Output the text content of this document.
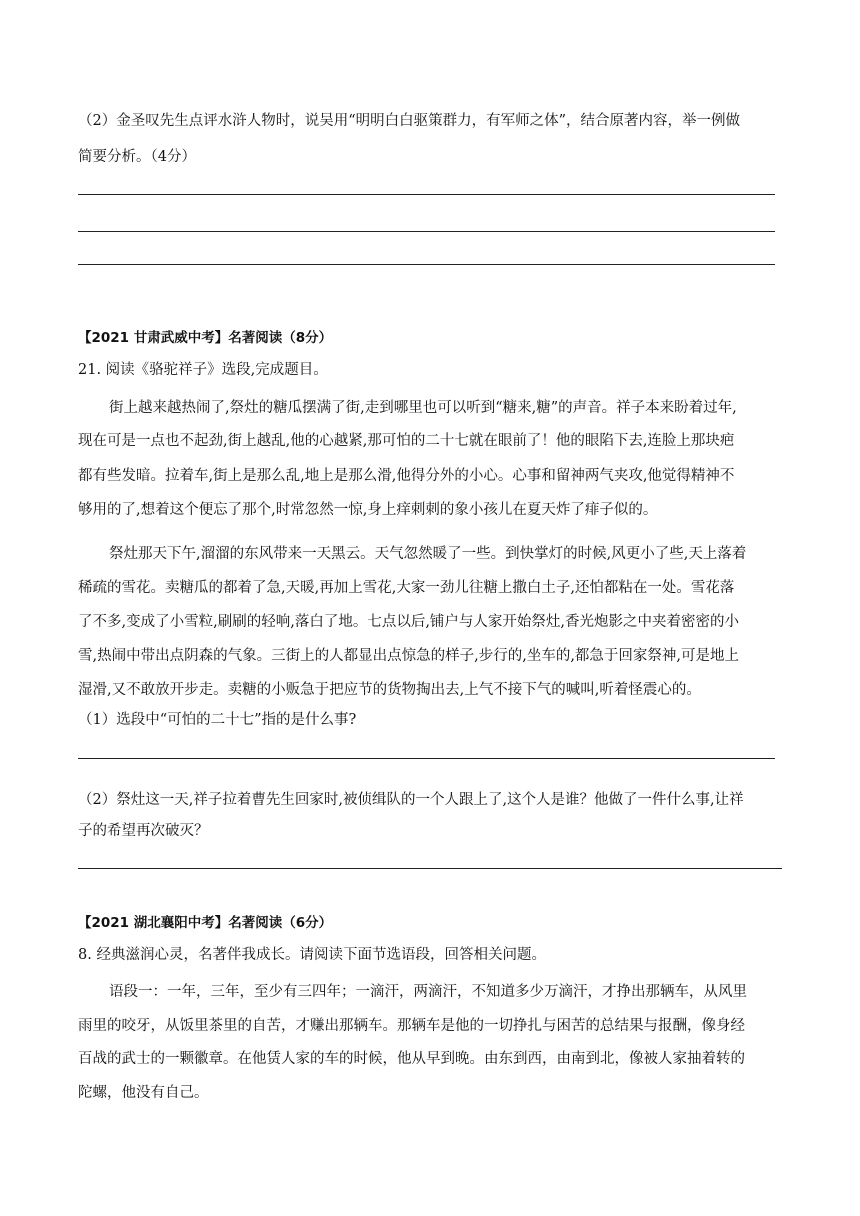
（2）金圣叹先生点评水浒人物时，说吴用“明明白白驱策群力，有军师之体”，结合原著内容，举一例做
简要分析。（4分）
【2021 甘肃武威中考】名著阅读（8分）
21. 阅读《骆驼祥子》选段,完成题目。
街上越来越热闹了,祭灶的糖瓜摆满了街,走到哪里也可以听到“糖来,糖”的声音。祥子本来盼着过年,
现在可是一点也不起劲,街上越乱,他的心越紧,那可怕的二十七就在眼前了！他的眼陷下去,连脸上那块疤
都有些发暗。拉着车,街上是那么乱,地上是那么滑,他得分外的小心。心事和留神两气夹攻,他觉得精神不
够用的了,想着这个便忘了那个,时常忽然一惊,身上痒刺刺的象小孩儿在夏天炸了痱子似的。
祭灶那天下午,溜溜的东风带来一天黑云。天气忽然暖了一些。到快掌灯的时候,风更小了些,天上落着
稀疏的雪花。卖糖瓜的都着了急,天暖,再加上雪花,大家一劲儿往糖上撒白土子,还怕都粘在一处。雪花落
了不多,变成了小雪粒,刷刷的轻响,落白了地。七点以后,铺户与人家开始祭灶,香光炮影之中夹着密密的小
雪,热闹中带出点阴森的气象。三街上的人都显出点惊急的样子,步行的,坐车的,都急于回家祭神,可是地上
湿滑,又不敢放开步走。卖糖的小贩急于把应节的货物掏出去,上气不接下气的喊叫,听着怪震心的。
（1）选段中“可怕的二十七”指的是什么事?
（2）祭灶这一天,祥子拉着曹先生回家时,被侦缉队的一个人跟上了,这个人是谁？他做了一件什么事,让祥
子的希望再次破灭？
【2021 湖北襄阳中考】名著阅读（6分）
8. 经典滋润心灵，名著伴我成长。请阅读下面节选语段，回答相关问题。
语段一：一年，三年，至少有三四年；一滴汗，两滴汗，不知道多少万滴汗，才挣出那辆车，从风里
雨里的咬牙，从饭里茶里的自苦，才赚出那辆车。那辆车是他的一切挣扎与困苦的总结果与报酬，像身经
百战的武士的一颗徽章。在他赁人家的车的时候，他从早到晚。由东到西，由南到北，像被人家抽着转的
陀螺，他没有自己。
